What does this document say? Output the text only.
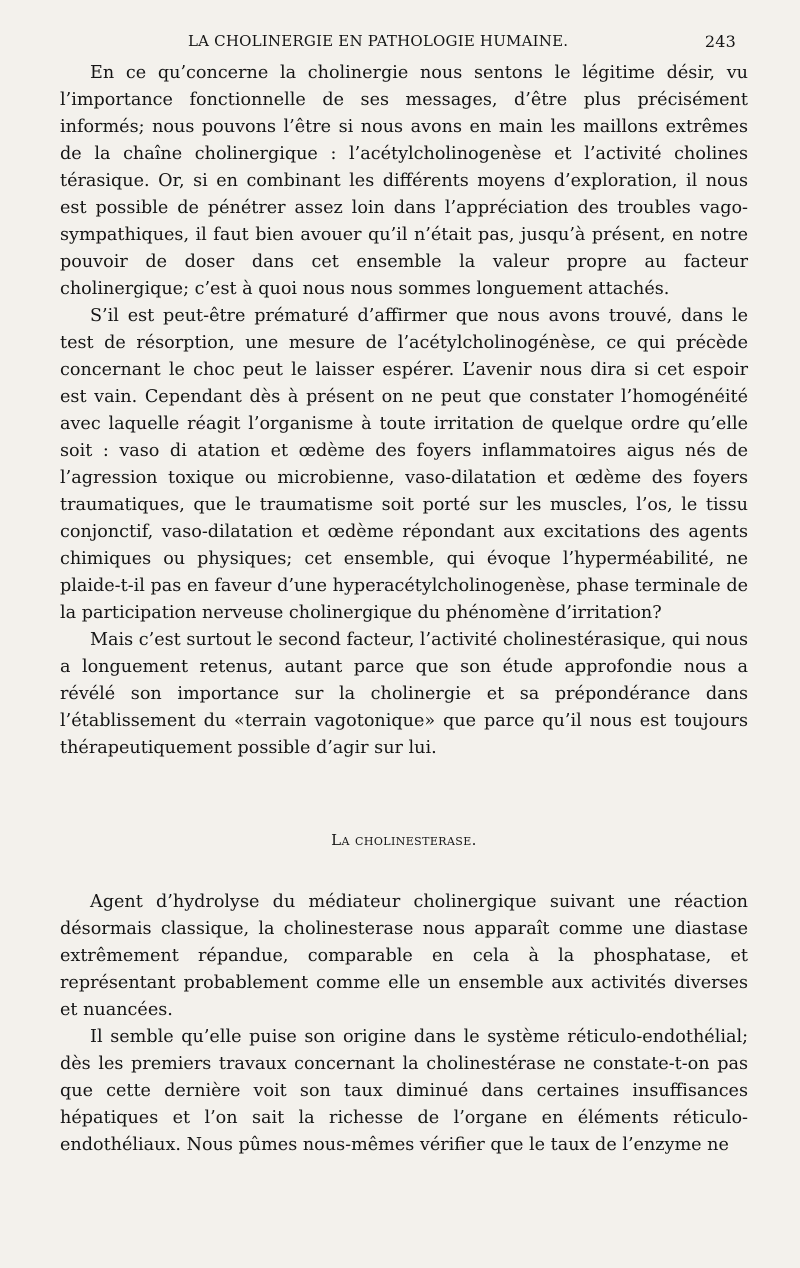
LA CHOLINERGIE EN PATHOLOGIE HUMAINE.	243

En ce qu’concerne la cholinergie nous sentons le légitime désir, vu l’importance fonctionnelle de ses messages, d’être plus précisément informés; nous pouvons l’être si nous avons en main les maillons extrêmes de la chaîne cholinergique : l’acétylcholinogenèse et l’activité cholines térasique. Or, si en combinant les différents moyens d’exploration, il nous est possible de pénétrer assez loin dans l’appréciation des troubles vago-sympathiques, il faut bien avouer qu’il n’était pas, jusqu’à présent, en notre pouvoir de doser dans cet ensemble la valeur propre au facteur cholinergique; c’est à quoi nous nous sommes longuement attachés.

S’il est peut-être prématuré d’affirmer que nous avons trouvé, dans le test de résorption, une mesure de l’acétylcholinogénèse, ce qui précède concernant le choc peut le laisser espérer. L’avenir nous dira si cet espoir est vain. Cependant dès à présent on ne peut que constater l’homogénéité avec laquelle réagit l’organisme à toute irritation de quelque ordre qu’elle soit : vaso di atation et œdème des foyers inflammatoires aigus nés de l’agression toxique ou microbienne, vaso-dilatation et œdème des foyers traumatiques, que le traumatisme soit porté sur les muscles, l’os, le tissu conjonctif, vaso-dilatation et œdème répondant aux excitations des agents chimiques ou physiques; cet ensemble, qui évoque l’hyperméabilité, ne plaide-t-il pas en faveur d’une hyperacétylcholinogenèse, phase terminale de la participation nerveuse cholinergique du phénomène d’irritation?

Mais c’est surtout le second facteur, l’activité cholinestérasique, qui nous a longuement retenus, autant parce que son étude approfondie nous a révélé son importance sur la cholinergie et sa prépondérance dans l’établissement du «terrain vagotonique» que parce qu’il nous est toujours thérapeutiquement possible d’agir sur lui.

La cholinesterase.

Agent d’hydrolyse du médiateur cholinergique suivant une réaction désormais classique, la cholinesterase nous apparaît comme une diastase extrêmement répandue, comparable en cela à la phosphatase, et représentant probablement comme elle un ensemble aux activités diverses et nuancées.

Il semble qu’elle puise son origine dans le système réticulo-endothélial; dès les premiers travaux concernant la cholinestérase ne constate-t-on pas que cette dernière voit son taux diminué dans certaines insuffisances hépatiques et l’on sait la richesse de l’organe en éléments réticulo-endothéliaux. Nous pûmes nous-mêmes vérifier que le taux de l’enzyme ne
